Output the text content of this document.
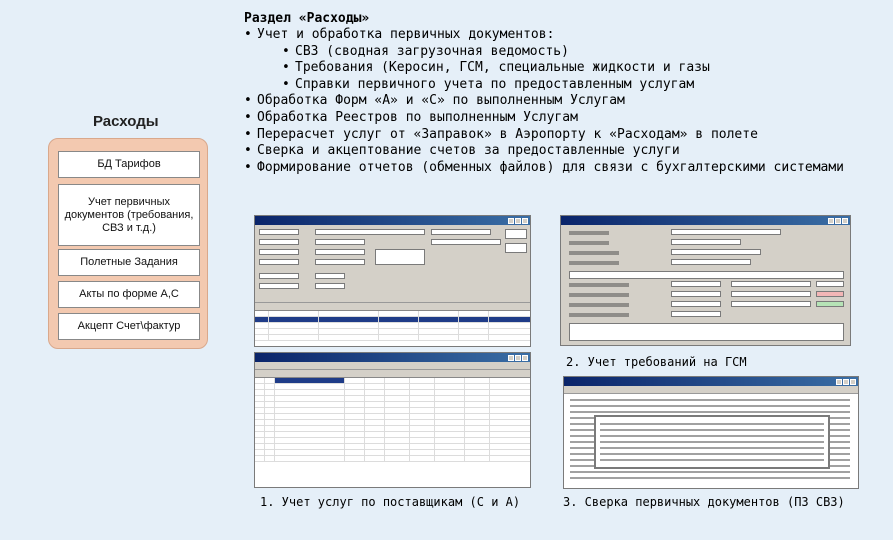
Расходы
БД Тарифов
Учет первичных документов (требования, СВЗ и т.д.)
Полетные Задания
Акты по форме А,С
Акцепт Счет\фактур
Раздел «Расходы»
• Учет и обработка первичных документов:
• СВЗ (сводная загрузочная ведомость)
• Требования (Керосин, ГСМ, специальные жидкости и газы
• Справки первичного учета по предоставленным услугам
• Обработка Форм «А» и «С» по выполненным Услугам
• Обработка Реестров по выполненным Услугам
• Перерасчет услуг от «Заправок» в Аэропорту к «Расходам» в полете
• Сверка и акцептование счетов за предоставленные услуги
• Формирование отчетов (обменных файлов) для связи с бухгалтерскими системами
1. Учет услуг по поставщикам (С и А)
2. Учет требований на ГСМ
3. Сверка первичных документов (ПЗ СВЗ)
